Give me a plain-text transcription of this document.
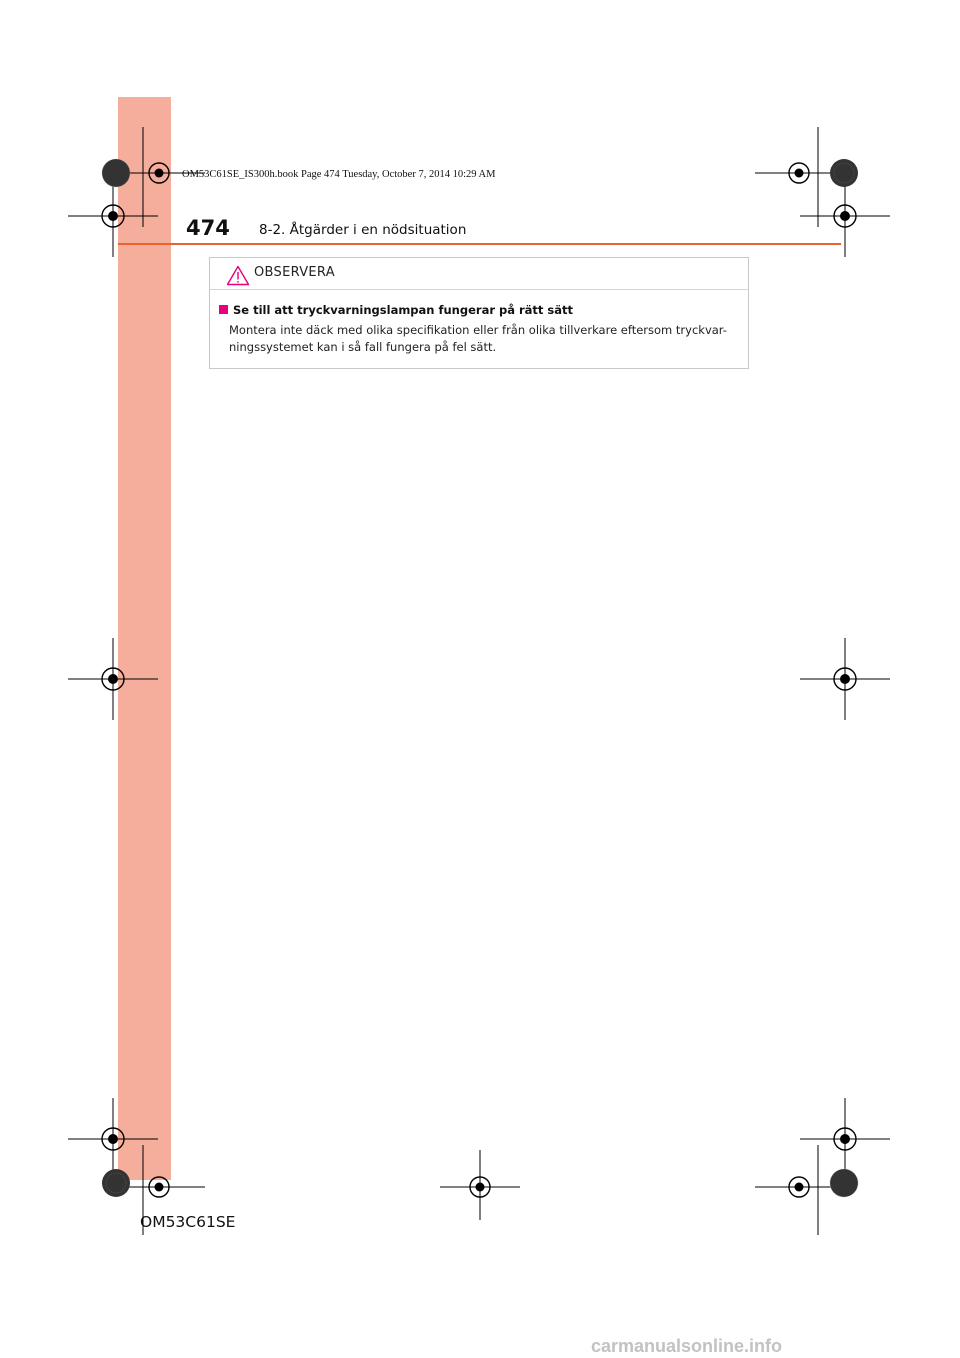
OM53C61SE_IS300h.book Page 474 Tuesday, October 7, 2014 10:29 AM
474 8-2. Åtgärder i en nödsituation
OBSERVERA
Se till att tryckvarningslampan fungerar på rätt sätt
Montera inte däck med olika specifikation eller från olika tillverkare eftersom tryckvar-ningssystemet kan i så fall fungera på fel sätt.
OM53C61SE
carmanualsonline.info
